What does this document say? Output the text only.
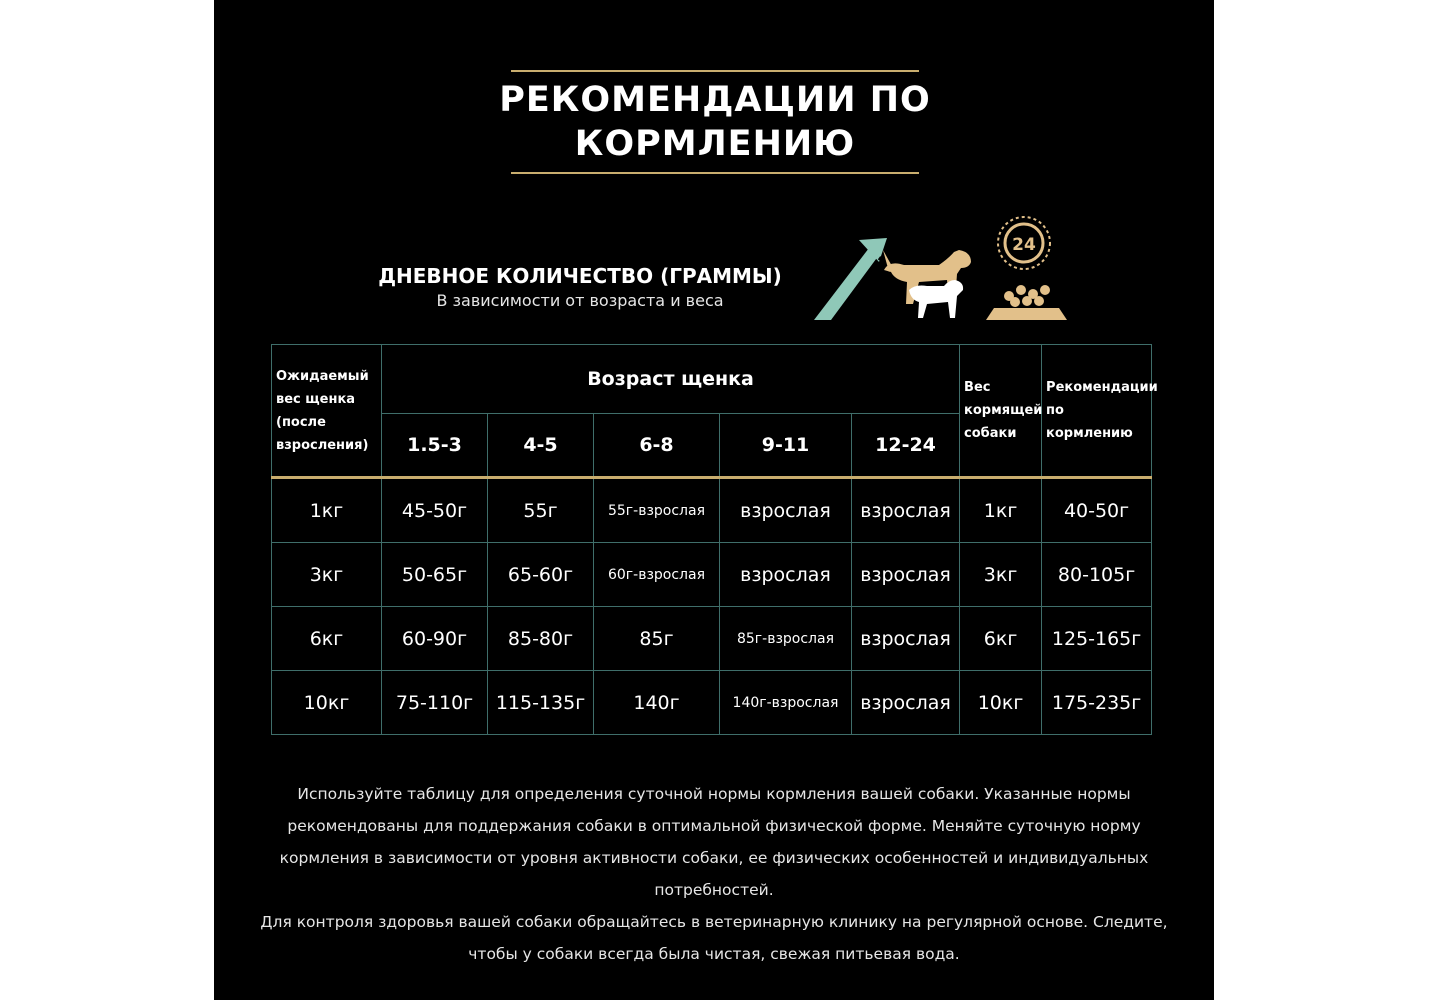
РЕКОМЕНДАЦИИ ПО
КОРМЛЕНИЮ
ДНЕВНОЕ КОЛИЧЕСТВО (ГРАММЫ)
В зависимости от возраста и веса
24
Ожидаемый вес щенка (после взросления)	Возраст щенка					Вес кормящей собаки	Рекомендации по кормлению
	1.5-3	4-5	6-8	9-11	12-24		
1кг	45-50г	55г	55г-взрослая	взрослая	взрослая	1кг	40-50г
3кг	50-65г	65-60г	60г-взрослая	взрослая	взрослая	3кг	80-105г
6кг	60-90г	85-80г	85г	85г-взрослая	взрослая	6кг	125-165г
10кг	75-110г	115-135г	140г	140г-взрослая	взрослая	10кг	175-235г

Используйте таблицу для определения суточной нормы кормления вашей собаки. Указанные нормы рекомендованы для поддержания собаки в оптимальной физической форме. Меняйте суточную норму кормления в зависимости от уровня активности собаки, ее физических особенностей и индивидуальных потребностей.

Для контроля здоровья вашей собаки обращайтесь в ветеринарную клинику на регулярной основе. Следите, чтобы у собаки всегда была чистая, свежая питьевая вода.
